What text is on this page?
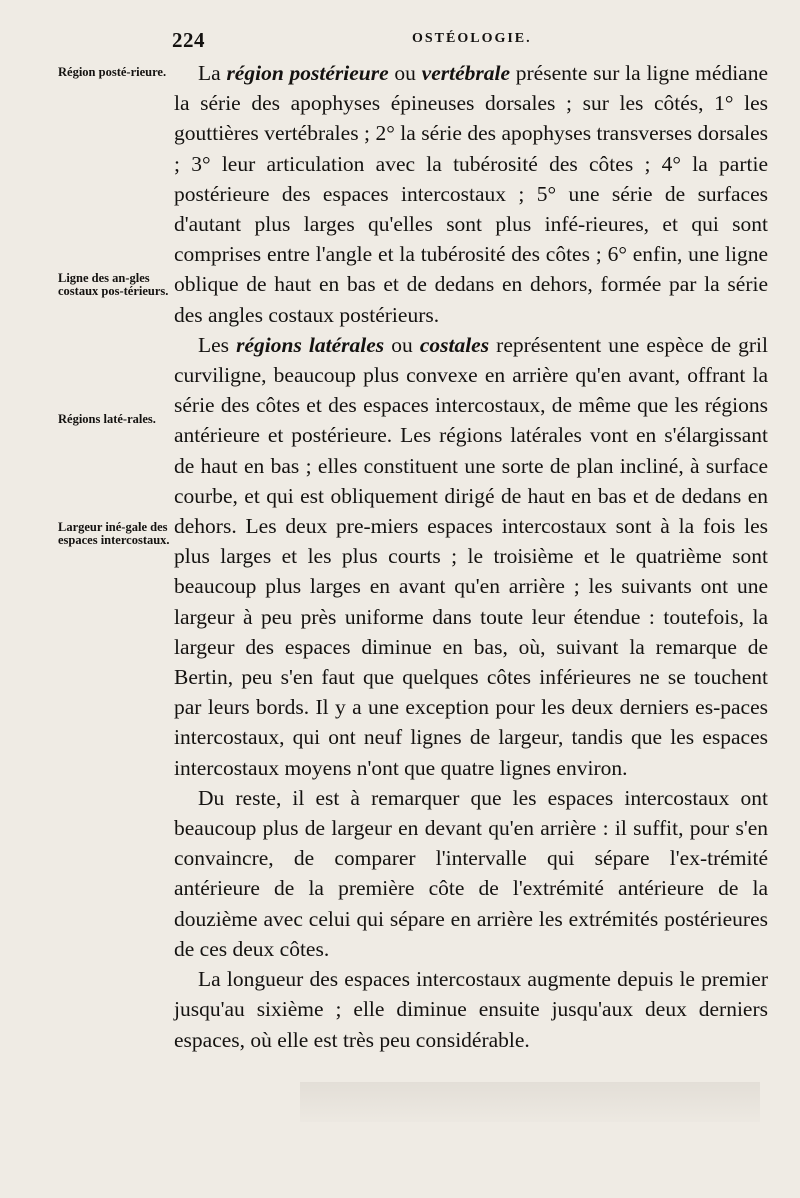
224	OSTÉOLOGIE.
Région posté-rieure.
Ligne des an-gles costaux pos-térieurs.
Régions laté-rales.
Largeur iné-gale des espaces intercostaux.

La région postérieure ou vertébrale présente sur la ligne médiane la série des apophyses épineuses dorsales ; sur les côtés, 1° les gouttières vertébrales ; 2° la série des apophyses transverses dorsales ; 3° leur articulation avec la tubérosité des côtes ; 4° la partie postérieure des espaces intercostaux ; 5° une série de surfaces d'autant plus larges qu'elles sont plus infé-rieures, et qui sont comprises entre l'angle et la tubérosité des côtes ; 6° enfin, une ligne oblique de haut en bas et de dedans en dehors, formée par la série des angles costaux postérieurs.

Les régions latérales ou costales représentent une espèce de gril curviligne, beaucoup plus convexe en arrière qu'en avant, offrant la série des côtes et des espaces intercostaux, de même que les régions antérieure et postérieure. Les régions latérales vont en s'élargissant de haut en bas ; elles constituent une sorte de plan incliné, à surface courbe, et qui est obliquement dirigé de haut en bas et de dedans en dehors. Les deux pre-miers espaces intercostaux sont à la fois les plus larges et les plus courts ; le troisième et le quatrième sont beaucoup plus larges en avant qu'en arrière ; les suivants ont une largeur à peu près uniforme dans toute leur étendue : toutefois, la largeur des espaces diminue en bas, où, suivant la remarque de Bertin, peu s'en faut que quelques côtes inférieures ne se touchent par leurs bords. Il y a une exception pour les deux derniers es-paces intercostaux, qui ont neuf lignes de largeur, tandis que les espaces intercostaux moyens n'ont que quatre lignes environ.

Du reste, il est à remarquer que les espaces intercostaux ont beaucoup plus de largeur en devant qu'en arrière : il suffit, pour s'en convaincre, de comparer l'intervalle qui sépare l'ex-trémité antérieure de la première côte de l'extrémité antérieure de la douzième avec celui qui sépare en arrière les extrémités postérieures de ces deux côtes.

La longueur des espaces intercostaux augmente depuis le premier jusqu'au sixième ; elle diminue ensuite jusqu'aux deux derniers espaces, où elle est très peu considérable.
